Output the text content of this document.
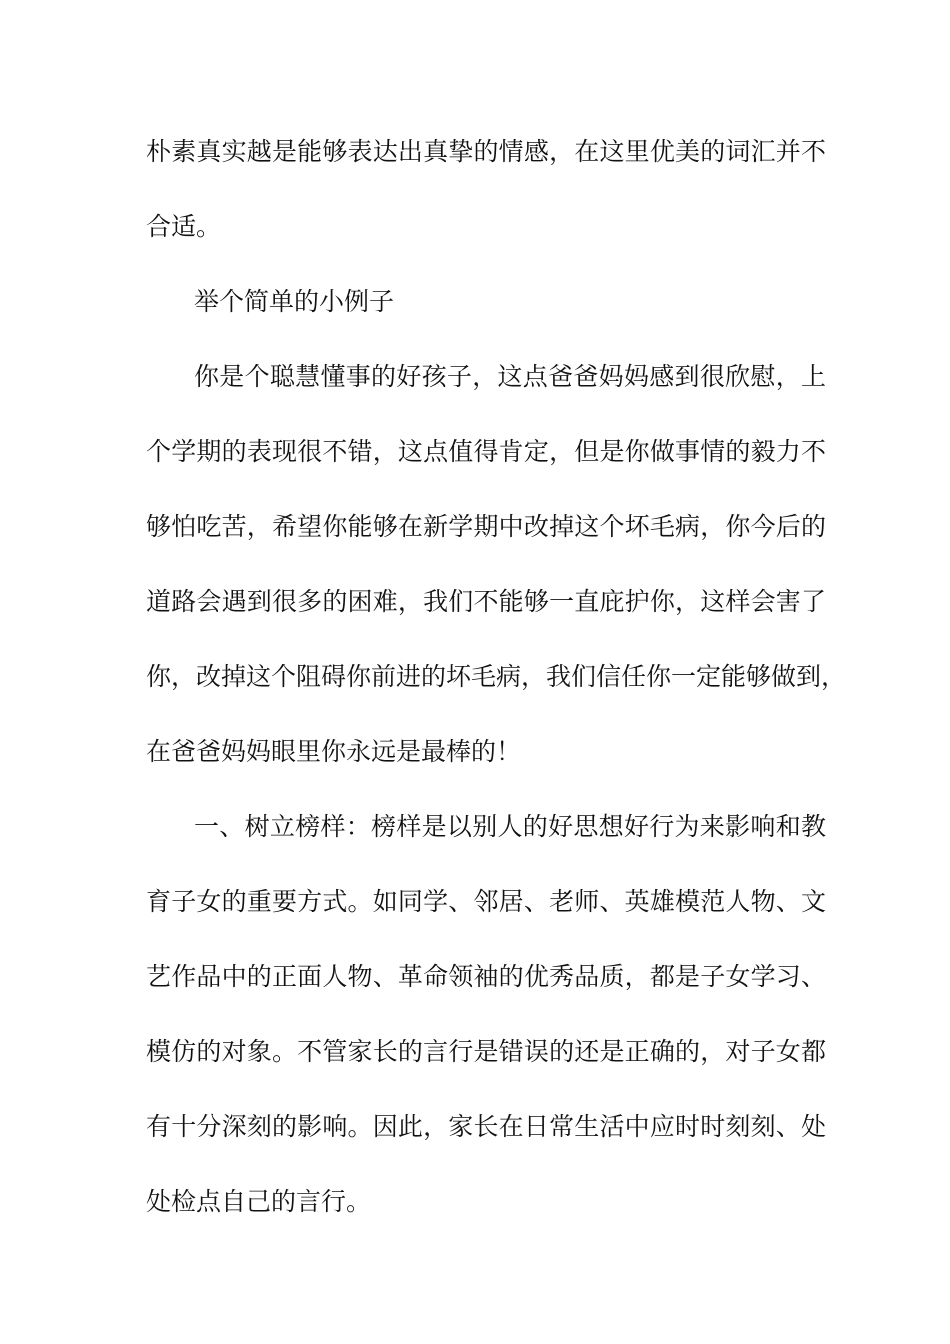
朴素真实越是能够表达出真挚的情感，在这里优美的词汇并不
合适。
举个简单的小例子
你是个聪慧懂事的好孩子，这点爸爸妈妈感到很欣慰，上
个学期的表现很不错，这点值得肯定，但是你做事情的毅力不
够怕吃苦，希望你能够在新学期中改掉这个坏毛病，你今后的
道路会遇到很多的困难，我们不能够一直庇护你，这样会害了
你，改掉这个阻碍你前进的坏毛病，我们信任你一定能够做到，
在爸爸妈妈眼里你永远是最棒的！
一、树立榜样：榜样是以别人的好思想好行为来影响和教
育子女的重要方式。如同学、邻居、老师、英雄模范人物、文
艺作品中的正面人物、革命领袖的优秀品质，都是子女学习、
模仿的对象。不管家长的言行是错误的还是正确的，对子女都
有十分深刻的影响。因此，家长在日常生活中应时时刻刻、处
处检点自己的言行。
